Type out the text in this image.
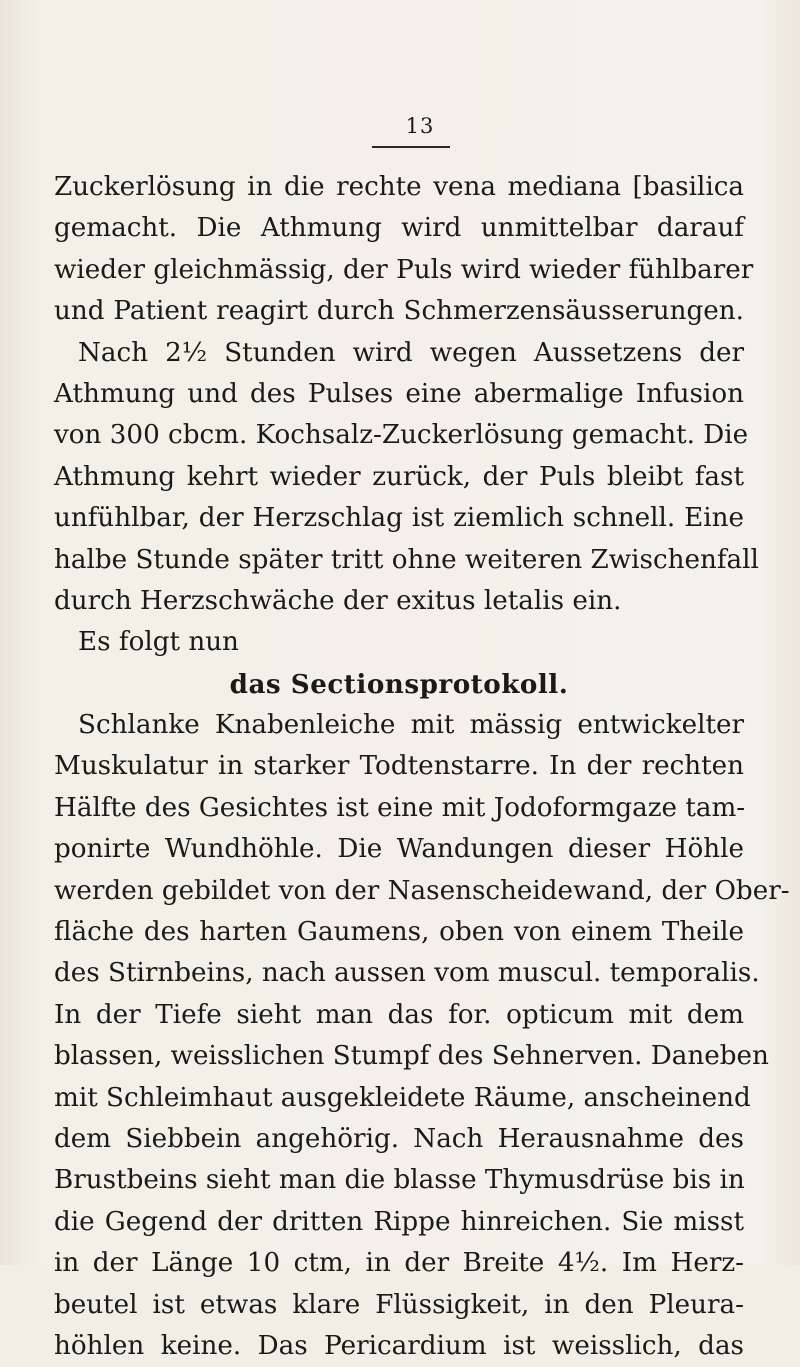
13
Zuckerlösung in die rechte vena mediana [basilica
gemacht. Die Athmung wird unmittelbar darauf
wieder gleichmässig, der Puls wird wieder fühlbarer
und Patient reagirt durch Schmerzensäusserungen.
Nach 2½ Stunden wird wegen Aussetzens der
Athmung und des Pulses eine abermalige Infusion
von 300 cbcm. Kochsalz-Zuckerlösung gemacht. Die
Athmung kehrt wieder zurück, der Puls bleibt fast
unfühlbar, der Herzschlag ist ziemlich schnell. Eine
halbe Stunde später tritt ohne weiteren Zwischenfall
durch Herzschwäche der exitus letalis ein.
Es folgt nun
das Sectionsprotokoll.
Schlanke Knabenleiche mit mässig entwickelter
Muskulatur in starker Todtenstarre. In der rechten
Hälfte des Gesichtes ist eine mit Jodoformgaze tam-
ponirte Wundhöhle. Die Wandungen dieser Höhle
werden gebildet von der Nasenscheidewand, der Ober-
fläche des harten Gaumens, oben von einem Theile
des Stirnbeins, nach aussen vom muscul. temporalis.
In der Tiefe sieht man das for. opticum mit dem
blassen, weisslichen Stumpf des Sehnerven. Daneben
mit Schleimhaut ausgekleidete Räume, anscheinend
dem Siebbein angehörig. Nach Herausnahme des
Brustbeins sieht man die blasse Thymusdrüse bis in
die Gegend der dritten Rippe hinreichen. Sie misst
in der Länge 10 ctm, in der Breite 4½. Im Herz-
beutel ist etwas klare Flüssigkeit, in den Pleura-
höhlen keine. Das Pericardium ist weisslich, das
